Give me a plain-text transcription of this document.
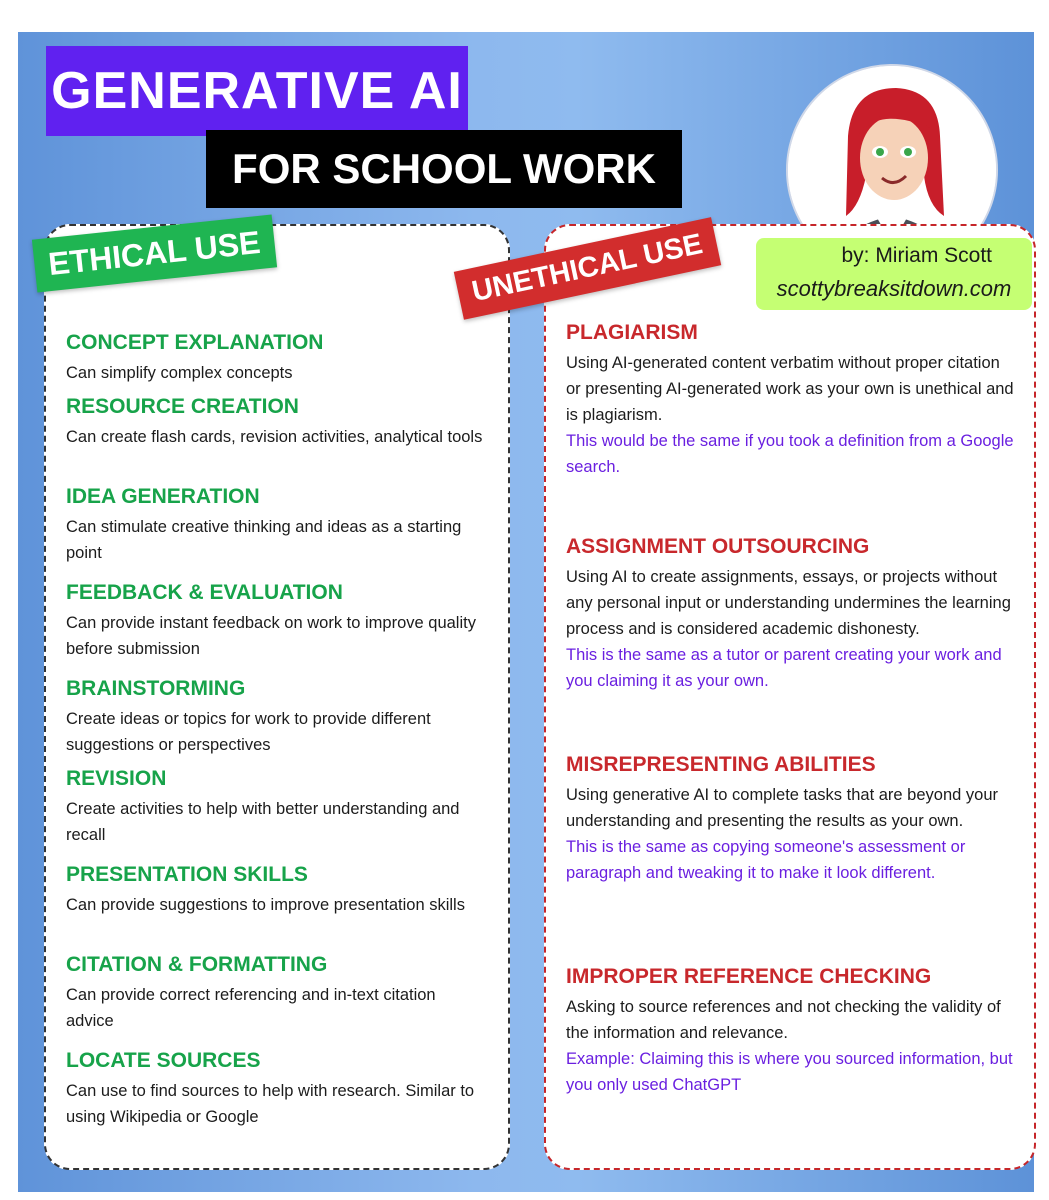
GENERATIVE AI
FOR SCHOOL WORK
ETHICAL USE	UNETHICAL USE	by: Miriam Scott
scottybreaksitdown.com
CONCEPT EXPLANATION

Can simplify complex concepts

RESOURCE CREATION

Can create flash cards, revision activities, analytical tools

IDEA GENERATION

Can stimulate creative thinking and ideas as a starting point

FEEDBACK & EVALUATION

Can provide instant feedback on work to improve quality before submission

BRAINSTORMING

Create ideas or topics for work to provide different suggestions or perspectives

REVISION

Create activities to help with better understanding and recall

PRESENTATION SKILLS

Can provide suggestions to improve presentation skills

CITATION & FORMATTING

Can provide correct referencing and in-text citation advice

LOCATE SOURCES

Can use to find sources to help with research. Similar to using Wikipedia or Google

PLAGIARISM

Using AI-generated content verbatim without proper citation or presenting AI-generated work as your own is unethical and is plagiarism.

This would be the same if you took a definition from a Google search.

ASSIGNMENT OUTSOURCING

Using AI to create assignments, essays, or projects without any personal input or understanding undermines the learning process and is considered academic dishonesty.

This is the same as a tutor or parent creating your work and you claiming it as your own.

MISREPRESENTING ABILITIES

Using generative AI to complete tasks that are beyond your understanding and presenting the results as your own.

This is the same as copying someone's assessment or paragraph and tweaking it to make it look different.

IMPROPER REFERENCE CHECKING

Asking to source references and not checking the validity of the information and relevance.

Example: Claiming this is where you sourced information, but you only used ChatGPT
